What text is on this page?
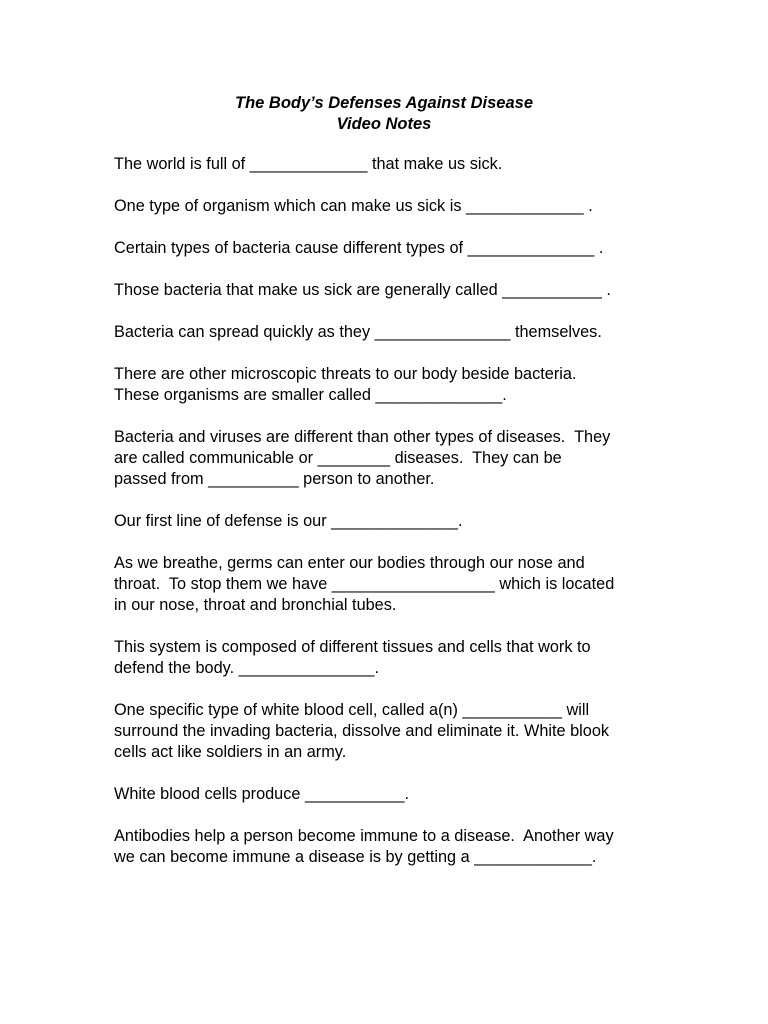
The Body’s Defenses Against Disease
Video Notes

The world is full of _____________ that make us sick.

One type of organism which can make us sick is _____________ .

Certain types of bacteria cause different types of ______________ .

Those bacteria that make us sick are generally called ___________ .

Bacteria can spread quickly as they _______________ themselves.

There are other microscopic threats to our body beside bacteria.
These organisms are smaller called ______________.

Bacteria and viruses are different than other types of diseases.  They
are called communicable or ________ diseases.  They can be
passed from __________ person to another.

Our first line of defense is our ______________.

As we breathe, germs can enter our bodies through our nose and
throat.  To stop them we have __________________ which is located
in our nose, throat and bronchial tubes.

This system is composed of different tissues and cells that work to
defend the body. _______________.

One specific type of white blood cell, called a(n) ___________ will
surround the invading bacteria, dissolve and eliminate it. White blook
cells act like soldiers in an army.

White blood cells produce ___________.

Antibodies help a person become immune to a disease.  Another way
we can become immune a disease is by getting a _____________.
